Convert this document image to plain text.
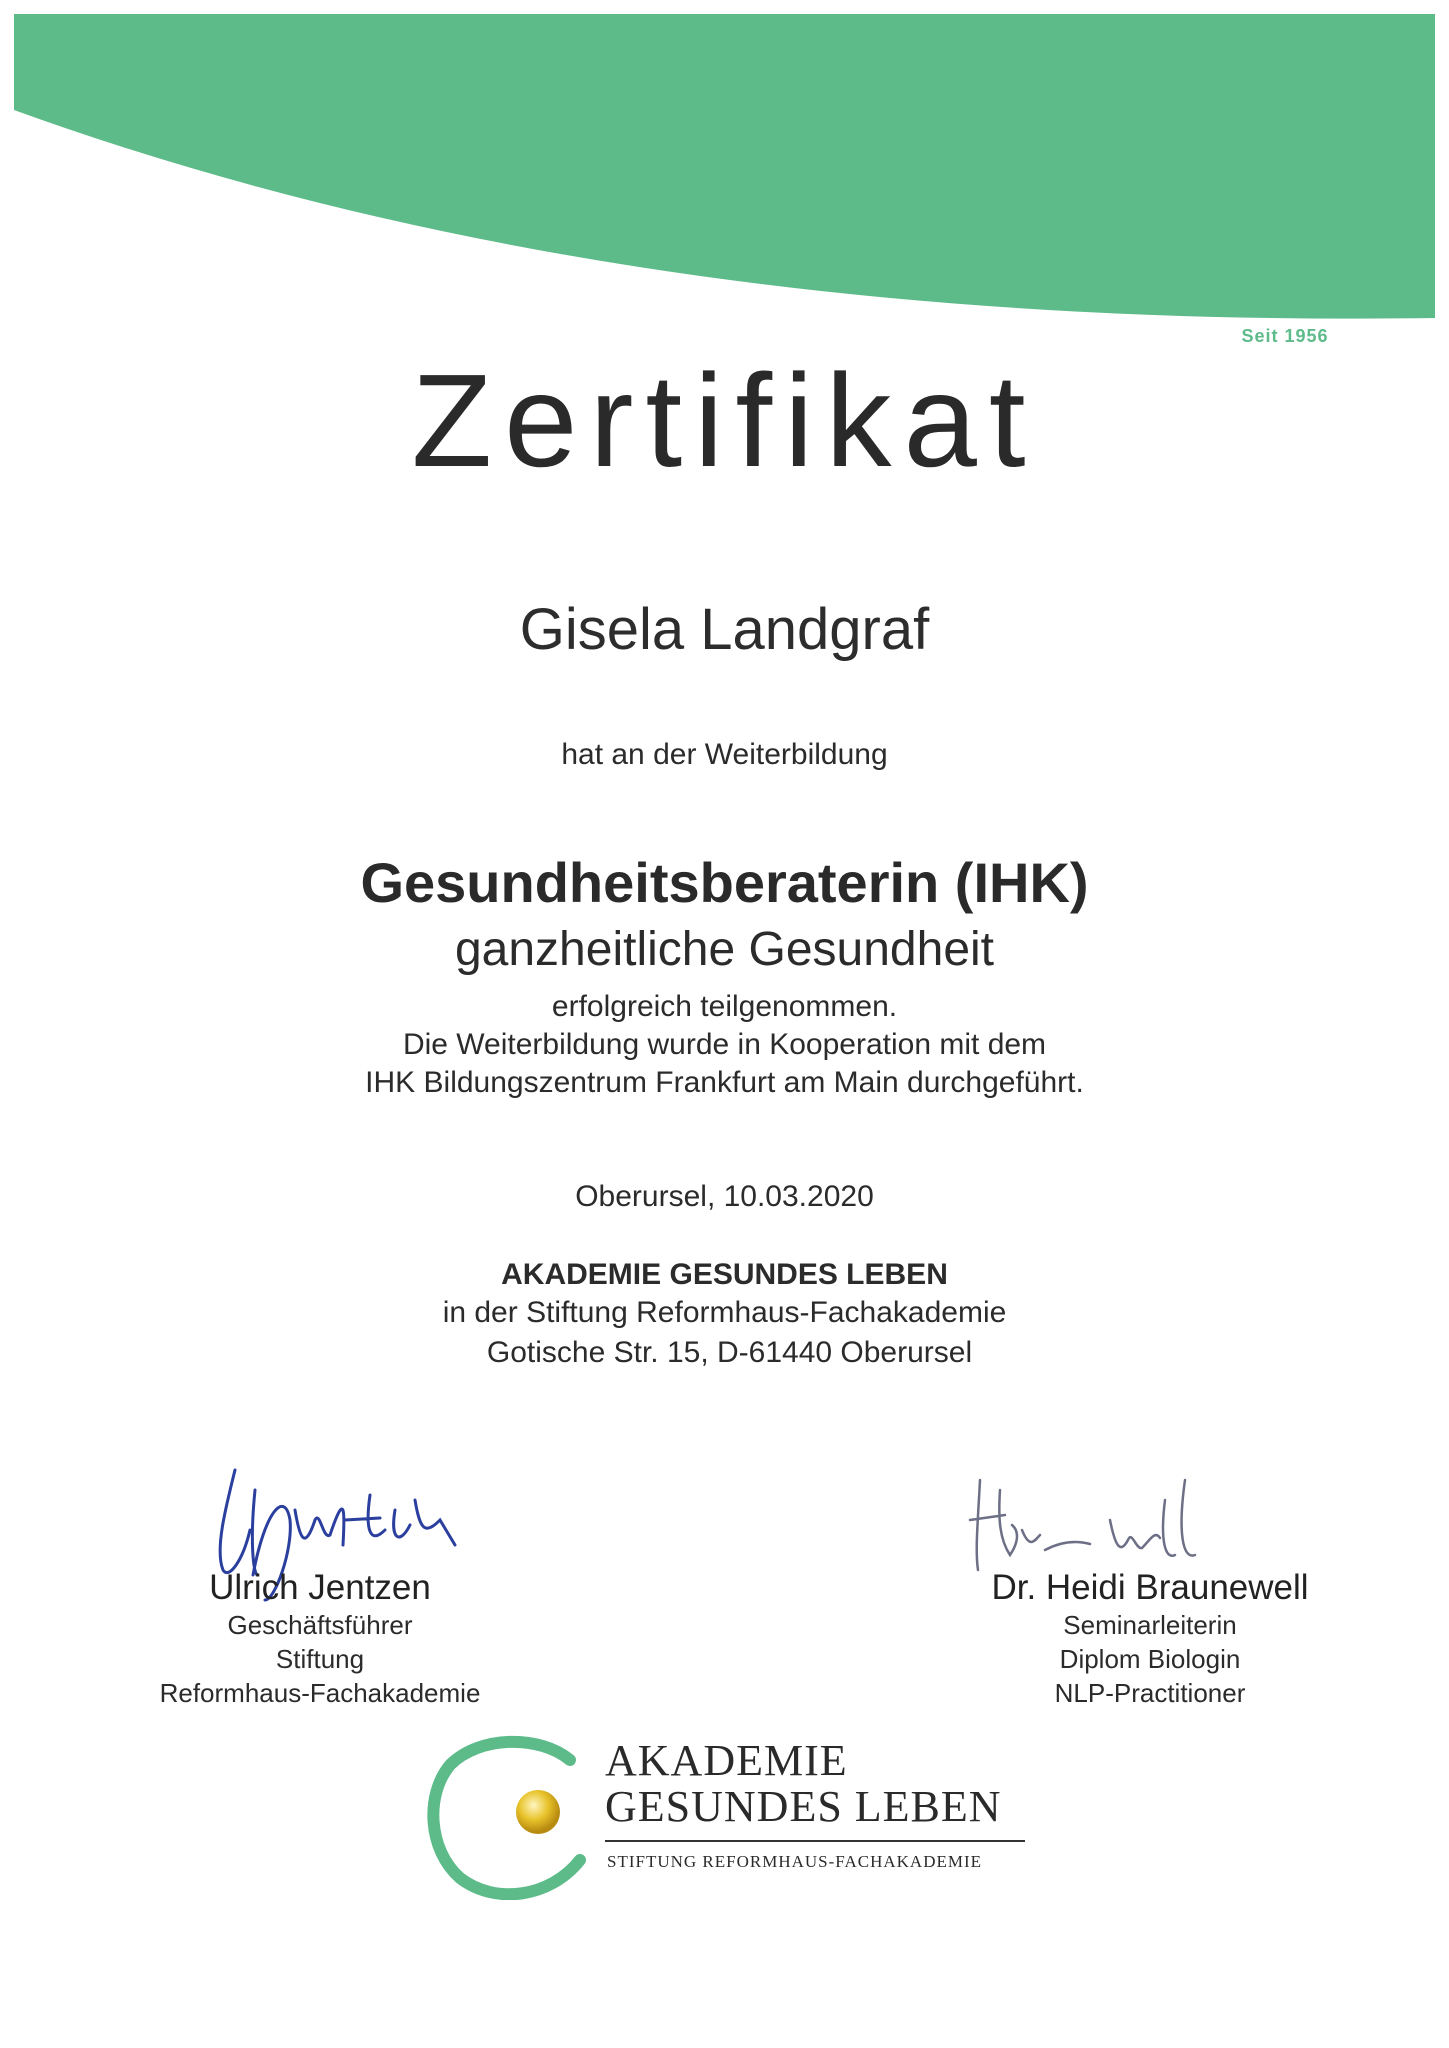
Seit 1956
Zertifikat
Gisela Landgraf
hat an der Weiterbildung
Gesundheitsberaterin (IHK)
ganzheitliche Gesundheit
erfolgreich teilgenommen.
Die Weiterbildung wurde in Kooperation mit dem
IHK Bildungszentrum Frankfurt am Main durchgeführt.
Oberursel, 10.03.2020
AKADEMIE GESUNDES LEBEN
in der Stiftung Reformhaus-Fachakademie
Gotische Str. 15, D-61440 Oberursel
Ulrich Jentzen
Geschäftsführer
Stiftung
Reformhaus-Fachakademie
Dr. Heidi Braunewell
Seminarleiterin
Diplom Biologin
NLP-Practitioner
AKADEMIE
GESUNDES LEBEN
STIFTUNG REFORMHAUS-FACHAKADEMIE
